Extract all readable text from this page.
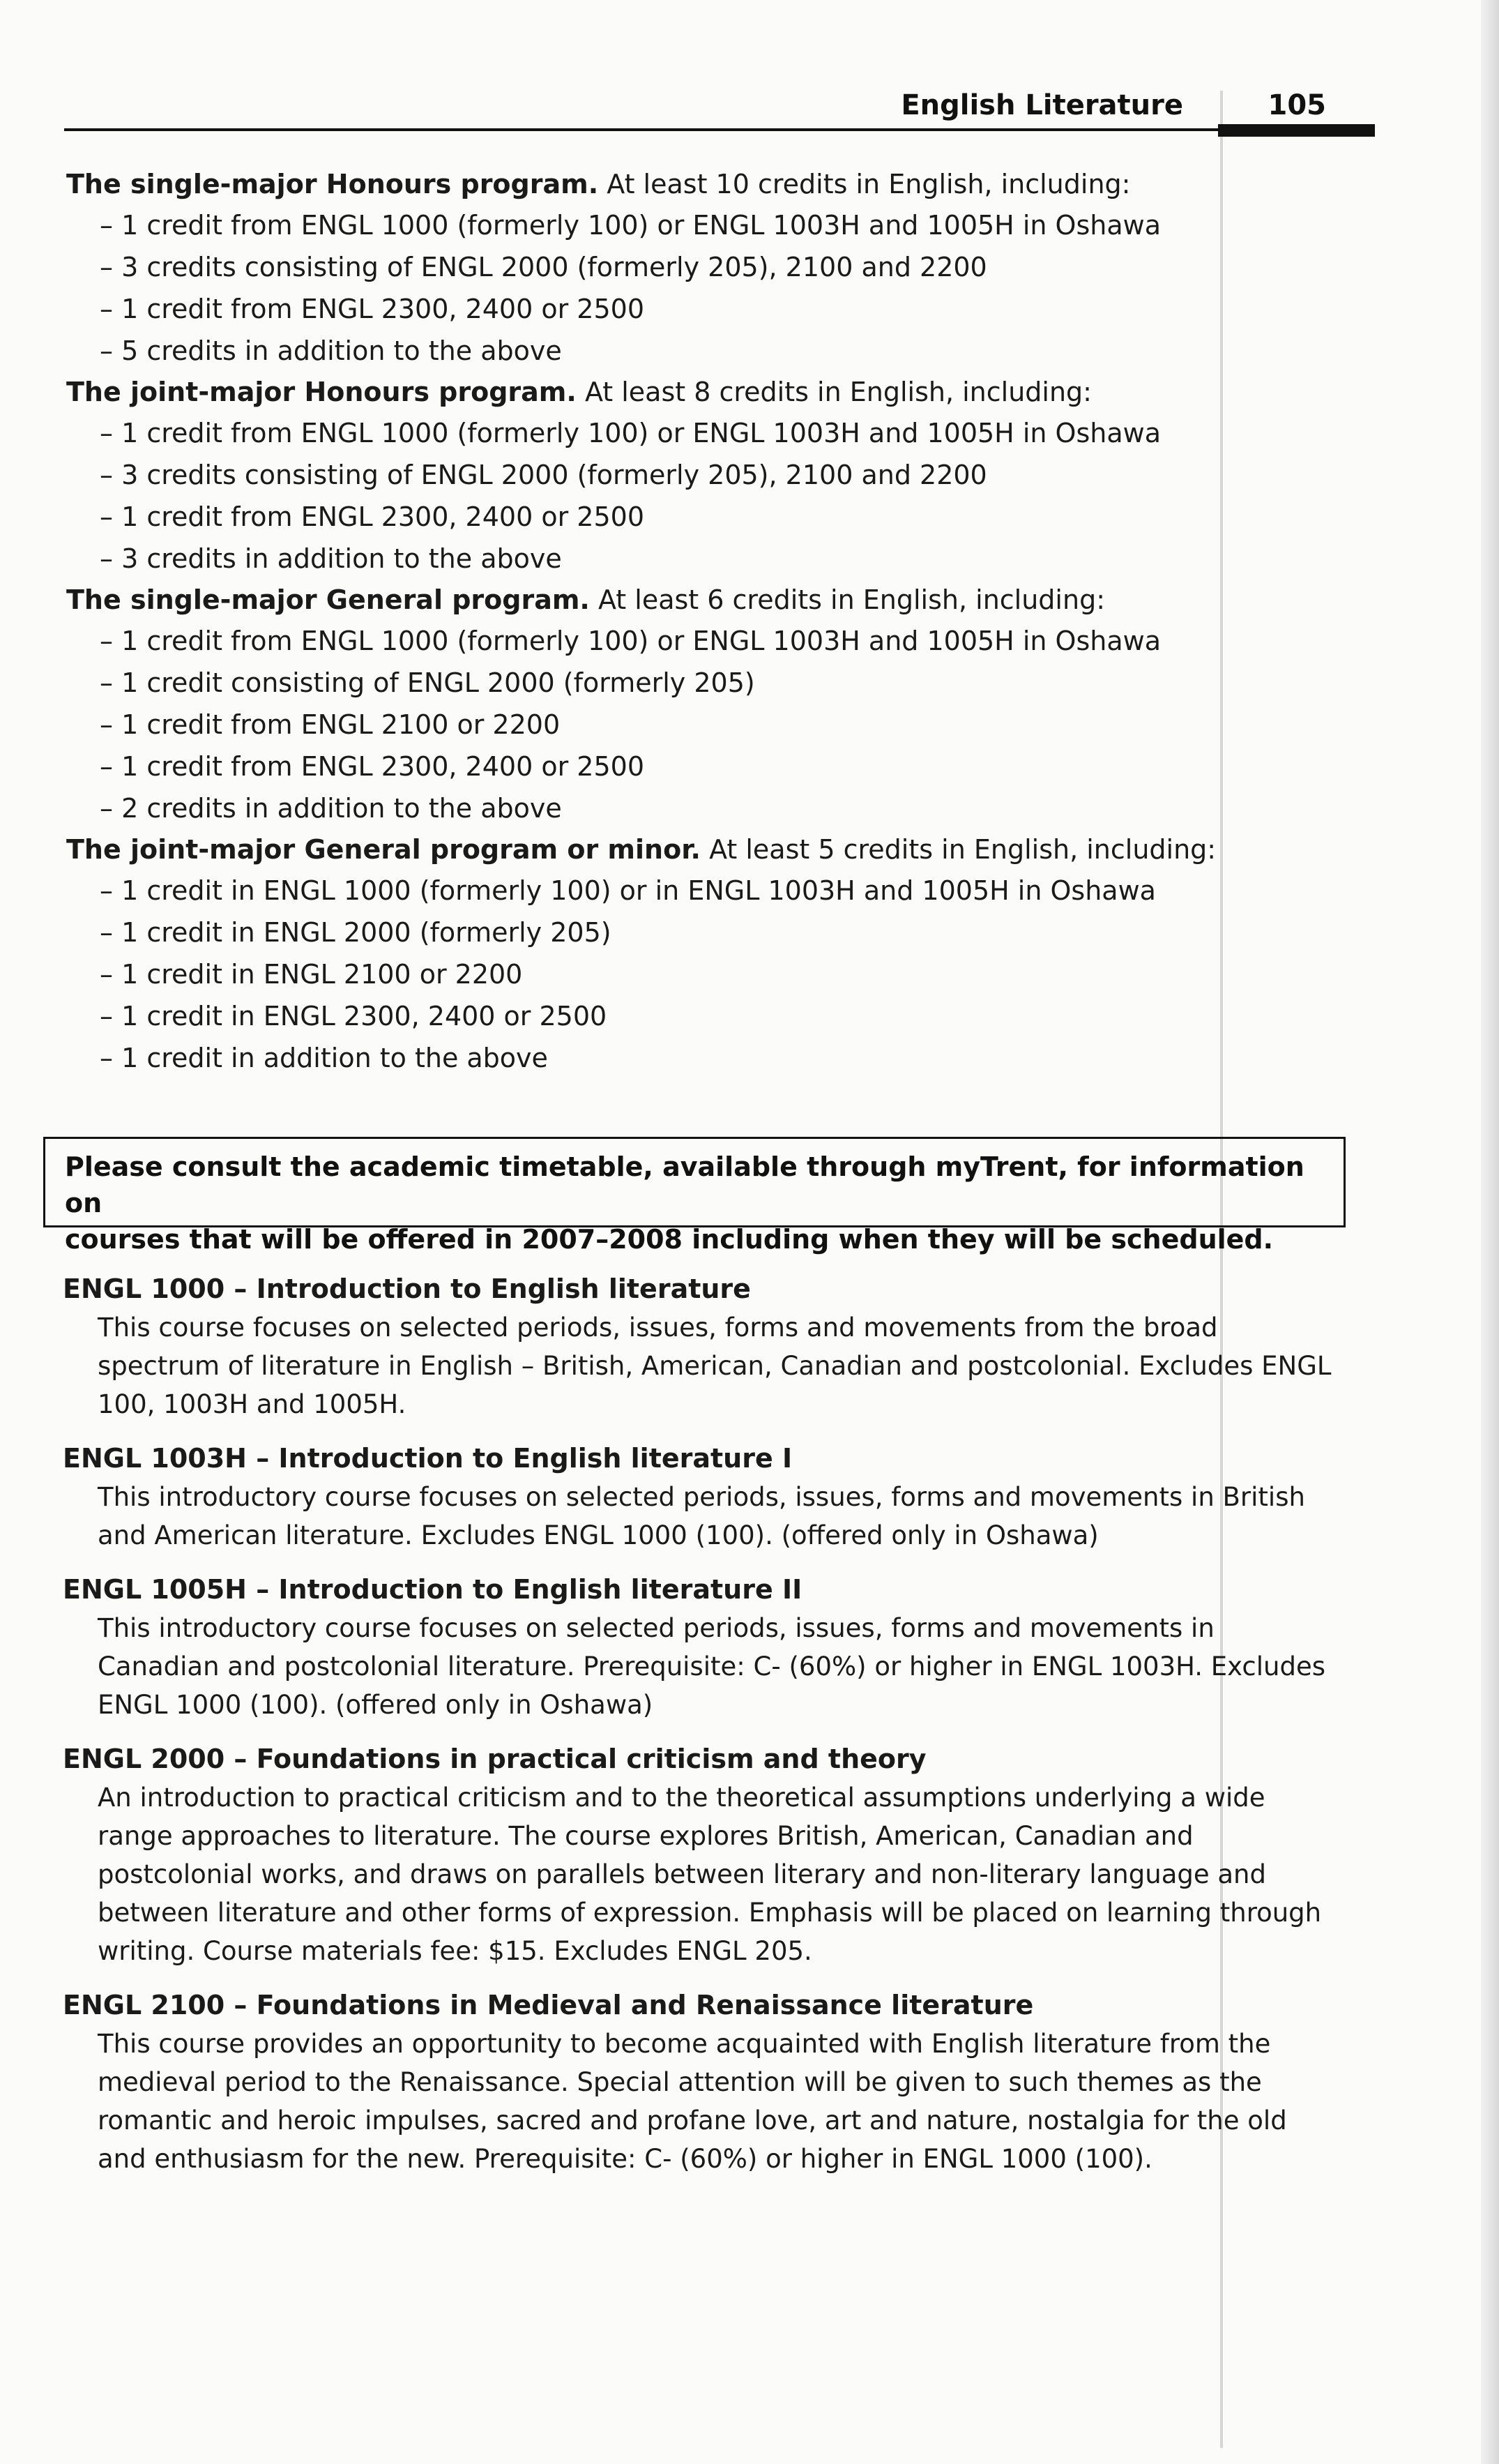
English Literature	105

The single-major Honours program. At least 10 credits in English, including:

– 1 credit from ENGL 1000 (formerly 100) or ENGL 1003H and 1005H in Oshawa
– 3 credits consisting of ENGL 2000 (formerly 205), 2100 and 2200
– 1 credit from ENGL 2300, 2400 or 2500
– 5 credits in addition to the above

The joint-major Honours program. At least 8 credits in English, including:

– 1 credit from ENGL 1000 (formerly 100) or ENGL 1003H and 1005H in Oshawa
– 3 credits consisting of ENGL 2000 (formerly 205), 2100 and 2200
– 1 credit from ENGL 2300, 2400 or 2500
– 3 credits in addition to the above

The single-major General program. At least 6 credits in English, including:

– 1 credit from ENGL 1000 (formerly 100) or ENGL 1003H and 1005H in Oshawa
– 1 credit consisting of ENGL 2000 (formerly 205)
– 1 credit from ENGL 2100 or 2200
– 1 credit from ENGL 2300, 2400 or 2500
– 2 credits in addition to the above

The joint-major General program or minor. At least 5 credits in English, including:

– 1 credit in ENGL 1000 (formerly 100) or in ENGL 1003H and 1005H in Oshawa
– 1 credit in ENGL 2000 (formerly 205)
– 1 credit in ENGL 2100 or 2200
– 1 credit in ENGL 2300, 2400 or 2500
– 1 credit in addition to the above
Please consult the academic timetable, available through myTrent, for information on
courses that will be offered in 2007–2008 including when they will be scheduled.

ENGL 1000 – Introduction to English literature

This course focuses on selected periods, issues, forms and movements from the broad spectrum of literature in English – British, American, Canadian and postcolonial. Excludes ENGL 100, 1003H and 1005H.

ENGL 1003H – Introduction to English literature I

This introductory course focuses on selected periods, issues, forms and movements in British and American literature. Excludes ENGL 1000 (100). (offered only in Oshawa)

ENGL 1005H – Introduction to English literature II

This introductory course focuses on selected periods, issues, forms and movements in Canadian and postcolonial literature. Prerequisite: C- (60%) or higher in ENGL 1003H. Excludes ENGL 1000 (100). (offered only in Oshawa)

ENGL 2000 – Foundations in practical criticism and theory

An introduction to practical criticism and to the theoretical assumptions underlying a wide range approaches to literature. The course explores British, American, Canadian and postcolonial works, and draws on parallels between literary and non-literary language and between literature and other forms of expression. Emphasis will be placed on learning through writing. Course materials fee: $15. Excludes ENGL 205.

ENGL 2100 – Foundations in Medieval and Renaissance literature

This course provides an opportunity to become acquainted with English literature from the medieval period to the Renaissance. Special attention will be given to such themes as the romantic and heroic impulses, sacred and profane love, art and nature, nostalgia for the old and enthusiasm for the new. Prerequisite: C- (60%) or higher in ENGL 1000 (100).
